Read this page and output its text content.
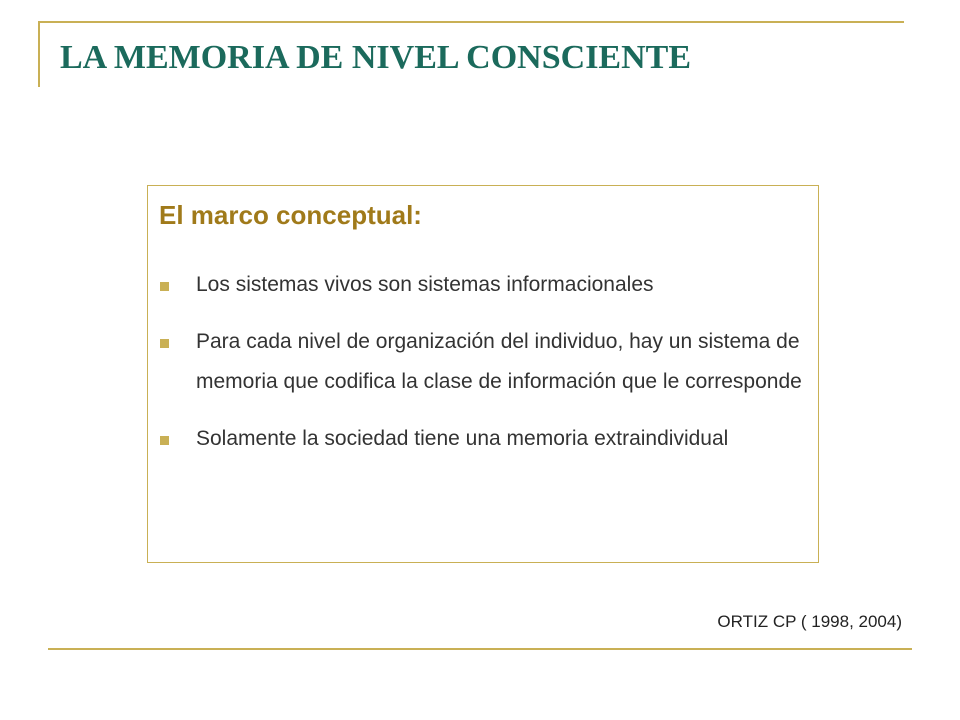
LA MEMORIA DE NIVEL CONSCIENTE
El marco conceptual:
Los sistemas vivos son sistemas informacionales
Para cada nivel de organización del individuo, hay un sistema de memoria que codifica la clase de información que le corresponde
Solamente la sociedad tiene una memoria extraindividual
ORTIZ CP ( 1998, 2004)
